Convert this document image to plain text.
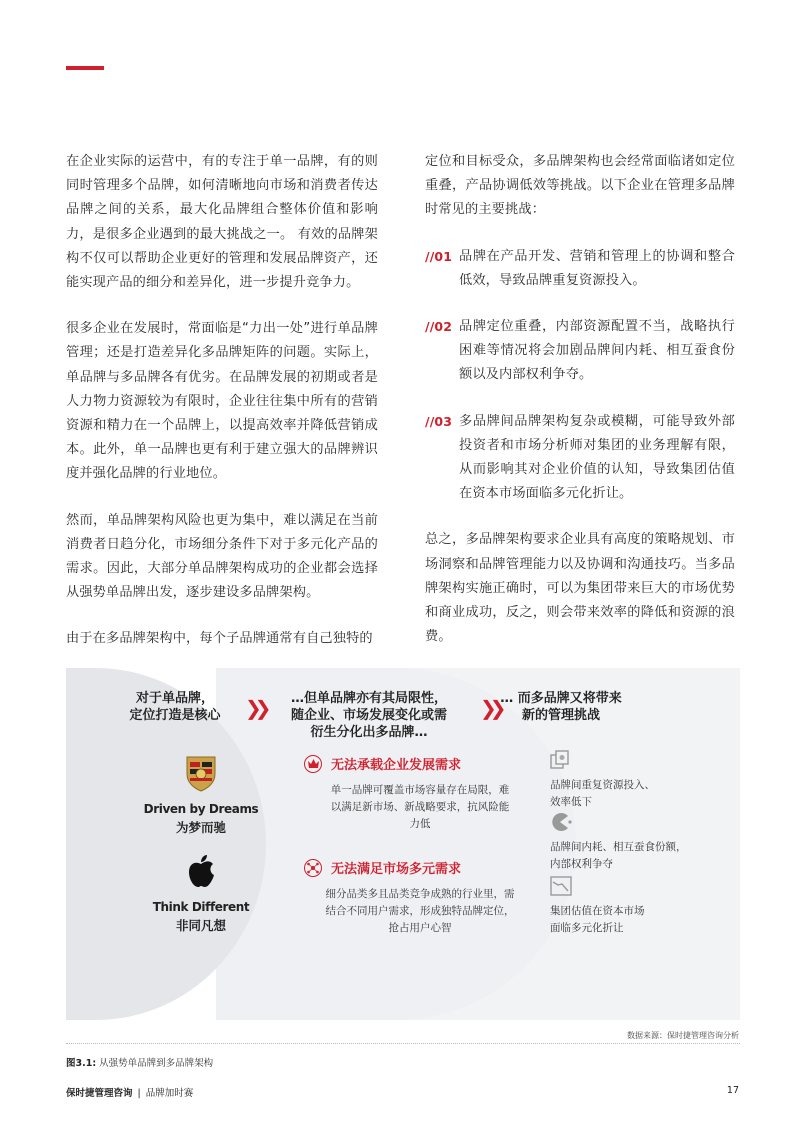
在企业实际的运营中，有的专注于单一品牌，有的则同时管理多个品牌，如何清晰地向市场和消费者传达品牌之间的关系，最大化品牌组合整体价值和影响力，是很多企业遇到的最大挑战之一。 有效的品牌架构不仅可以帮助企业更好的管理和发展品牌资产，还能实现产品的细分和差异化，进一步提升竞争力。

很多企业在发展时，常面临是“力出一处”进行单品牌管理；还是打造差异化多品牌矩阵的问题。实际上，单品牌与多品牌各有优劣。在品牌发展的初期或者是人力物力资源较为有限时，企业往往集中所有的营销资源和精力在一个品牌上，以提高效率并降低营销成本。此外，单一品牌也更有利于建立强大的品牌辨识度并强化品牌的行业地位。

然而，单品牌架构风险也更为集中，难以满足在当前消费者日趋分化，市场细分条件下对于多元化产品的需求。因此，大部分单品牌架构成功的企业都会选择从强势单品牌出发，逐步建设多品牌架构。

由于在多品牌架构中，每个子品牌通常有自己独特的

定位和目标受众，多品牌架构也会经常面临诸如定位重叠，产品协调低效等挑战。以下企业在管理多品牌时常见的主要挑战：

//01 品牌在产品开发、营销和管理上的协调和整合低效，导致品牌重复资源投入。
//02 品牌定位重叠，内部资源配置不当，战略执行困难等情况将会加剧品牌间内耗、相互蚕食份额以及内部权利争夺。
//03 多品牌间品牌架构复杂或模糊，可能导致外部投资者和市场分析师对集团的业务理解有限，从而影响其对企业价值的认知，导致集团估值在资本市场面临多元化折让。

总之，多品牌架构要求企业具有高度的策略规划、市场洞察和品牌管理能力以及协调和沟通技巧。当多品牌架构实施正确时，可以为集团带来巨大的市场优势和商业成功，反之，则会带来效率的降低和资源的浪费。

对于单品牌，
定位打造是核心
Driven by Dreams
为梦而驰
Think Different
非同凡想
❯❯	❯❯
…但单品牌亦有其局限性，
随企业、市场发展变化或需
衍生分化出多品牌…
无法承载企业发展需求
单一品牌可覆盖市场容量存在局限，难以满足新市场、新战略要求，抗风险能力低
无法满足市场多元需求
细分品类多且品类竞争成熟的行业里，需结合不同用户需求，形成独特品牌定位，抢占用户心智
… 而多品牌又将带来
新的管理挑战
品牌间重复资源投入、
效率低下
品牌间内耗、相互蚕食份额，
内部权利争夺
集团估值在资本市场
面临多元化折让
数据来源：保时捷管理咨询分析
图3.1: 从强势单品牌到多品牌架构
保时捷管理咨询 | 品牌加时赛	17
